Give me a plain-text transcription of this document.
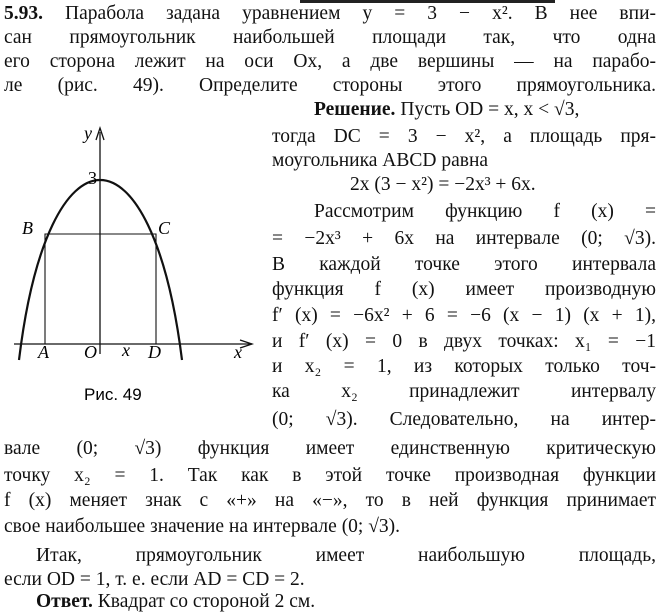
5.93. Парабола задана уравнением y = 3 − x². В нее впи-
сан прямоугольник наибольшей площади так, что одна
его сторона лежит на оси Ox, а две вершины — на парабо-
ле (рис. 49). Определите стороны этого прямоугольника.
Решение. Пусть OD = x, x < √3,
тогда DC = 3 − x², а площадь пря-
моугольника ABCD равна
2x (3 − x²) = −2x³ + 6x.
Рассмотрим функцию f (x) =
= −2x³ + 6x на интервале (0; √3).
В каждой точке этого интервала
функция f (x) имеет производную
f′ (x) = −6x² + 6 = −6 (x − 1) (x + 1),
и f′ (x) = 0 в двух точках: x₁ = −1
и x₂ = 1, из которых только точ-
ка x₂ принадлежит интервалу
(0; √3). Следовательно, на интер-
вале (0; √3) функция имеет единственную критическую
точку x₂ = 1. Так как в этой точке производная функции
f (x) меняет знак с «+» на «−», то в ней функция принимает
свое наибольшее значение на интервале (0; √3).
Итак, прямоугольник имеет наибольшую площадь,
если OD = 1, т. е. если AD = CD = 2.
Ответ. Квадрат со стороной 2 см.
y
3
B	C
A O x D	x
Рис. 49
